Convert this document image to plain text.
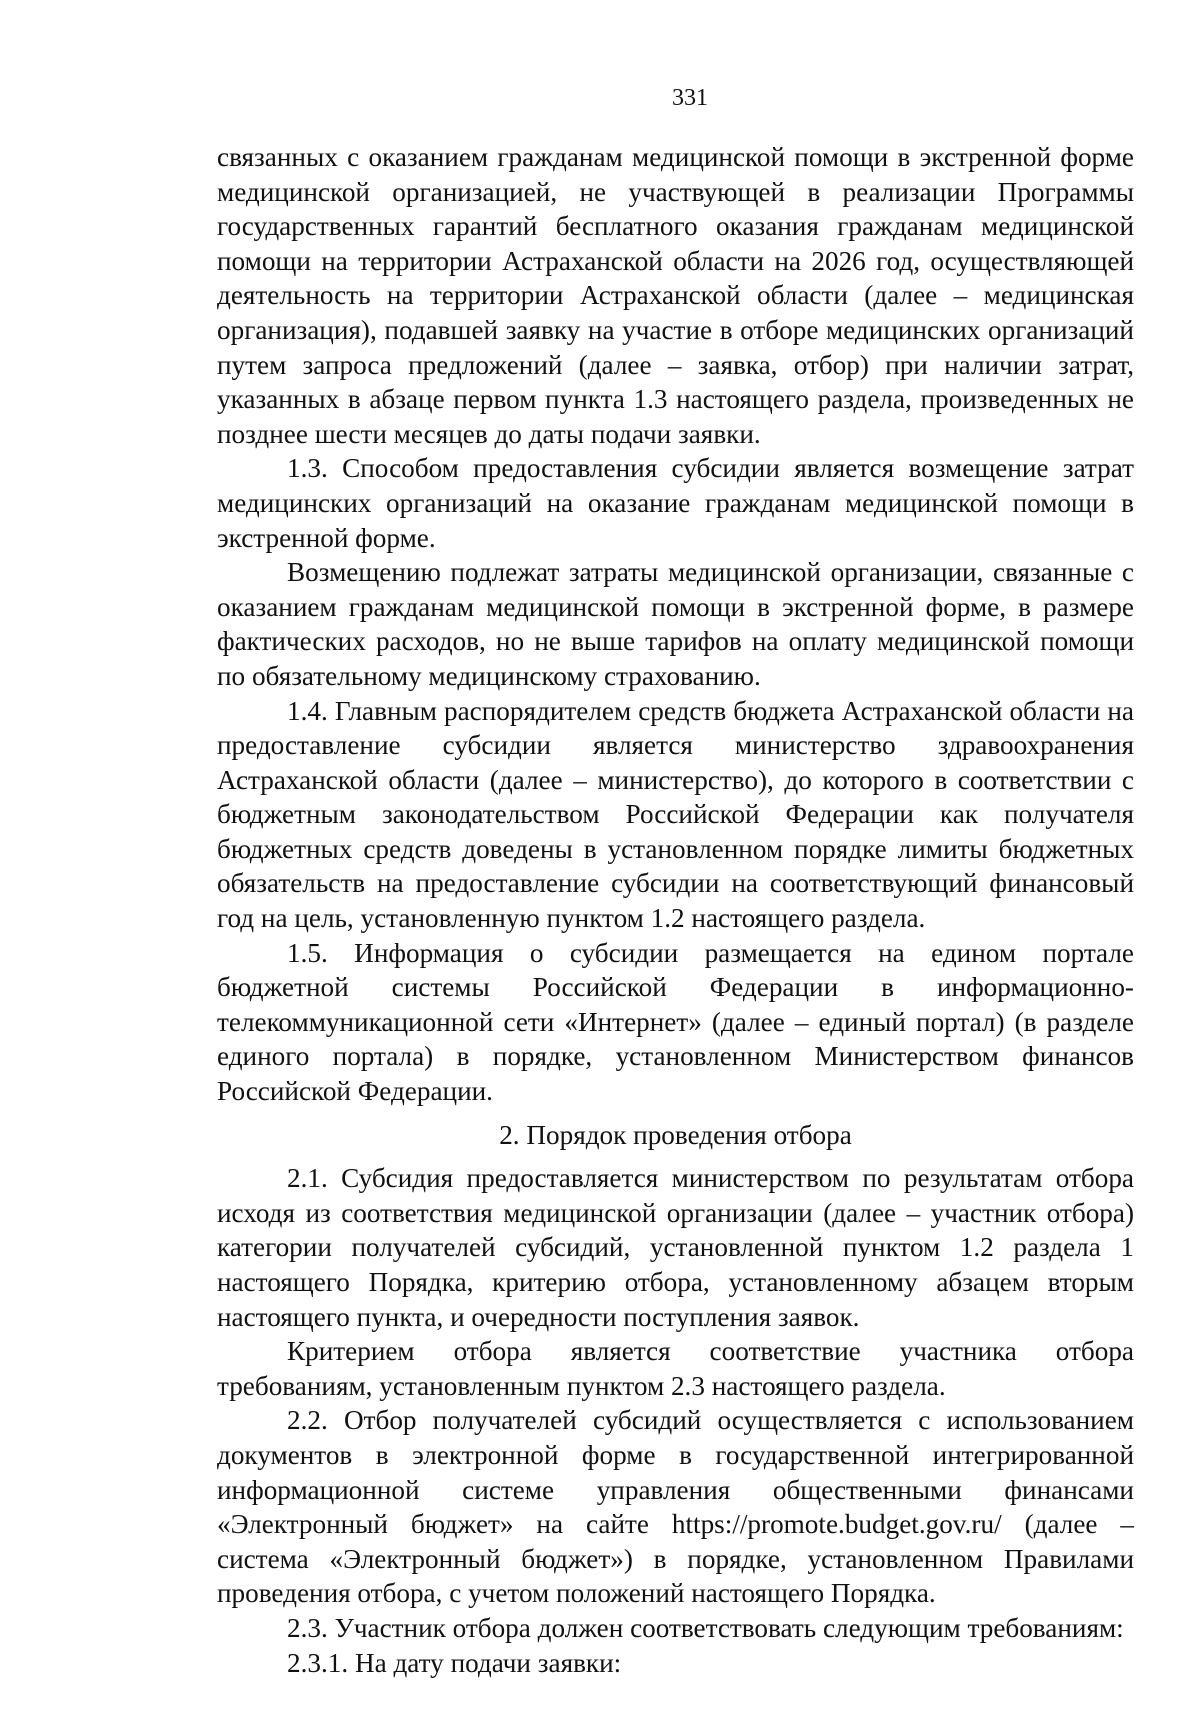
331

связанных с оказанием гражданам медицинской помощи в экстренной форме медицинской организацией, не участвующей в реализации Программы государственных гарантий бесплатного оказания гражданам медицинской помощи на территории Астраханской области на 2026 год, осуществляющей деятельность на территории Астраханской области (далее – медицинская организация), подавшей заявку на участие в отборе медицинских организаций путем запроса предложений (далее – заявка, отбор) при наличии затрат, указанных в абзаце первом пункта 1.3 настоящего раздела, произведенных не позднее шести месяцев до даты подачи заявки.

1.3. Способом предоставления субсидии является возмещение затрат медицинских организаций на оказание гражданам медицинской помощи в экстренной форме.

Возмещению подлежат затраты медицинской организации, связанные с оказанием гражданам медицинской помощи в экстренной форме, в размере фактических расходов, но не выше тарифов на оплату медицинской помощи по обязательному медицинскому страхованию.

1.4. Главным распорядителем средств бюджета Астраханской области на предоставление субсидии является министерство здравоохранения Астраханской области (далее – министерство), до которого в соответствии с бюджетным законодательством Российской Федерации как получателя бюджетных средств доведены в установленном порядке лимиты бюджетных обязательств на предоставление субсидии на соответствующий финансовый год на цель, установленную пунктом 1.2 настоящего раздела.

1.5. Информация о субсидии размещается на едином портале бюджетной системы Российской Федерации в информационно-телекоммуникационной сети «Интернет» (далее – единый портал) (в разделе единого портала) в порядке, установленном Министерством финансов Российской Федерации.

2. Порядок проведения отбора

2.1. Субсидия предоставляется министерством по результатам отбора исходя из соответствия медицинской организации (далее – участник отбора) категории получателей субсидий, установленной пунктом 1.2 раздела 1 настоящего Порядка, критерию отбора, установленному абзацем вторым настоящего пункта, и очередности поступления заявок.

Критерием отбора является соответствие участника отбора требованиям, установленным пунктом 2.3 настоящего раздела.

2.2. Отбор получателей субсидий осуществляется с использованием документов в электронной форме в государственной интегрированной информационной системе управления общественными финансами «Электронный бюджет» на сайте https://promote.budget.gov.ru/ (далее – система «Электронный бюджет») в порядке, установленном Правилами проведения отбора, с учетом положений настоящего Порядка.

2.3. Участник отбора должен соответствовать следующим требованиям:

2.3.1. На дату подачи заявки:
